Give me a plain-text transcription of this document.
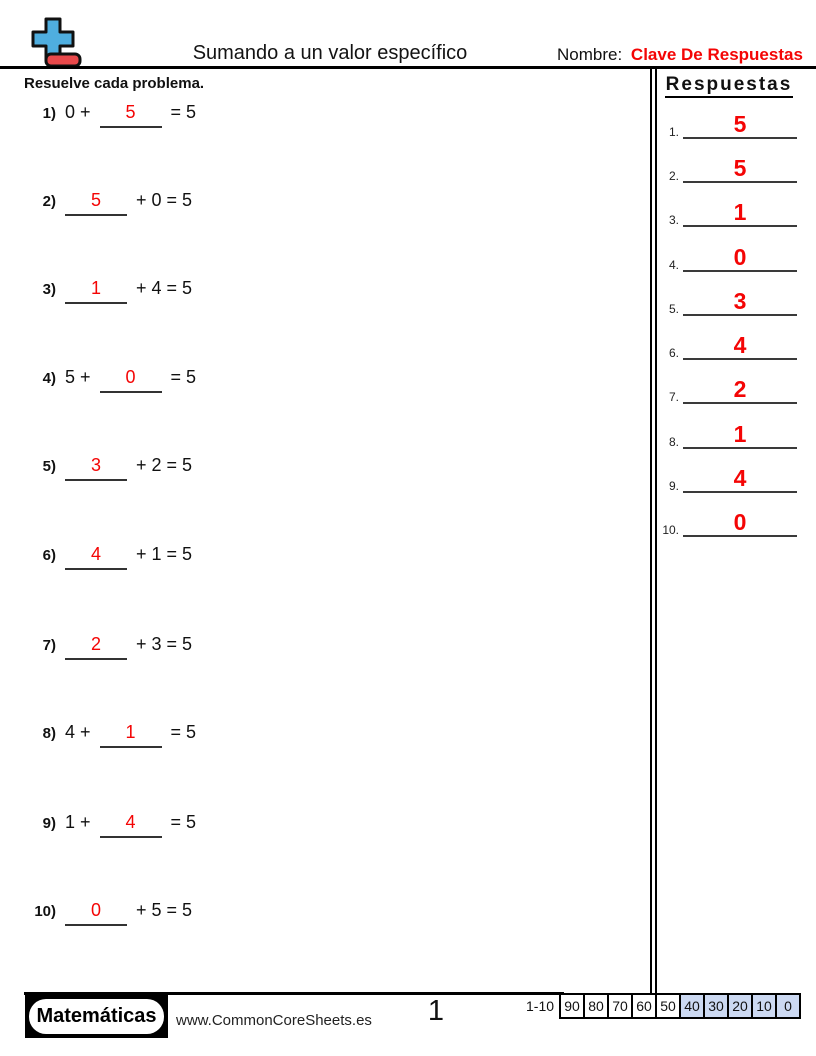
Sumando a un valor específico	Nombre: Clave De Respuestas
Resuelve cada problema.	Respuestas
1.	5
2.	5
3.	1
4.	0
5.	3
6.	4
7.	2
8.	1
9.	4
10.	0
1) 0 +	5	= 5
2)	5	+ 0 = 5
3)	1	+ 4 = 5
4) 5 +	0	= 5
5)	3	+ 2 = 5
6)	4	+ 1 = 5
7)	2	+ 3 = 5
8) 4 +	1	= 5
9) 1 +	4	= 5
10)	0	+ 5 = 5
Matemáticas	www.CommonCoreSheets.es	1	1-10 90 80 70 60 50 40 30 20 10 0
